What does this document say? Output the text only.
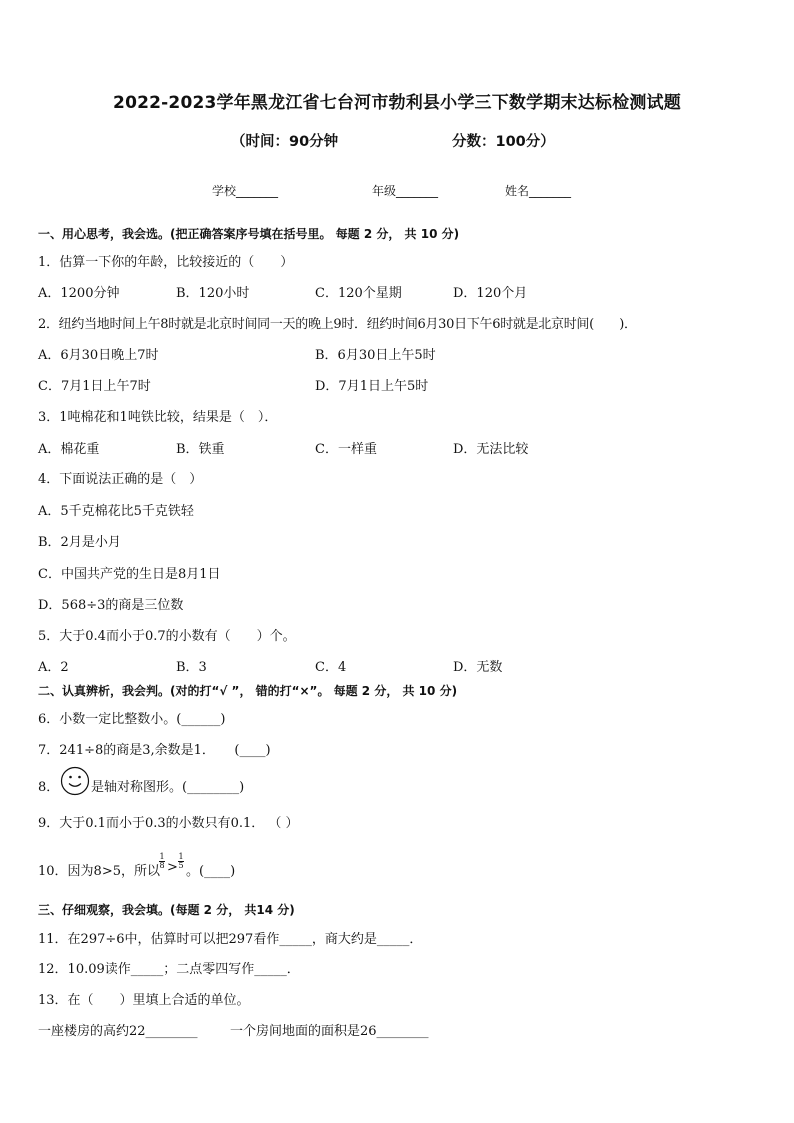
2022-2023学年黑龙江省七台河市勃利县小学三下数学期末达标检测试题
（时间：90分钟	分数：100分）
学校_______	年级_______	姓名_______
一、用心思考，我会选。(把正确答案序号填在括号里。 每题 2 分， 共 10 分)
1．估算一下你的年龄，比较接近的（　　）
A．1200分钟	B．120小时	C．120个星期	D．120个月
2．纽约当地时间上午8时就是北京时间同一天的晚上9时．纽约时间6月30日下午6时就是北京时间(　　)．
A．6月30日晚上7时	B．6月30日上午5时
C．7月1日上午7时	D．7月1日上午5时
3．1吨棉花和1吨铁比较，结果是（　）．
A．棉花重	B．铁重	C．一样重	D．无法比较
4．下面说法正确的是（　）
A．5千克棉花比5千克铁轻
B．2月是小月
C．中国共产党的生日是8月1日
D．568÷3的商是三位数
5．大于0.4而小于0.7的小数有（　　）个。
A．2	B．3	C．4	D．无数
二、认真辨析，我会判。(对的打“√ ”， 错的打“×”。 每题 2 分， 共 10 分)
6．小数一定比整数小。(______)
7．241÷8的商是3,余数是1．　　(____)
8． 是轴对称图形。(________)
9．大于0.1而小于0.3的小数只有0.1． （ ）
10．因为8>5，所以
1
8 >
1
5 。(____)
三、仔细观察，我会填。(每题 2 分， 共14 分)
11．在297÷6中，估算时可以把297看作_____，商大约是_____．
12．10.09读作_____；二点零四写作_____．
13．在（　　）里填上合适的单位。
一座楼房的高约22________ 一个房间地面的面积是26________
